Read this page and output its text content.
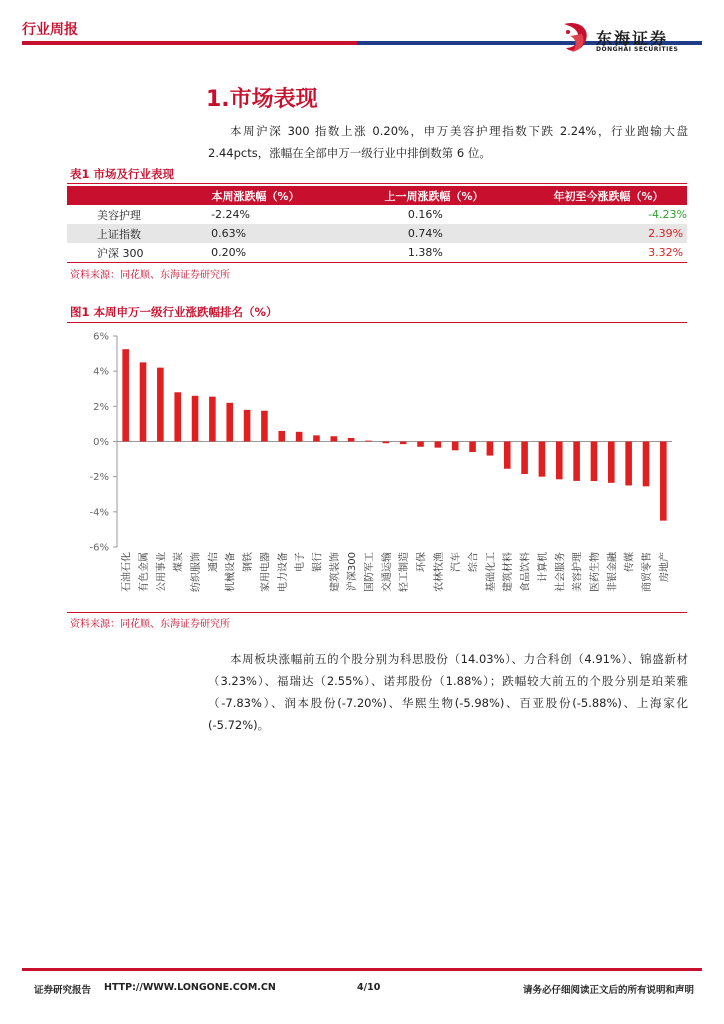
行业周报	东海证券
DONGHAI SECURITIES
1.市场表现

本周沪深 300 指数上涨 0.20%，申万美容护理指数下跌 2.24%，行业跑输大盘 2.44pcts，涨幅在全部申万一级行业中排倒数第 6 位。

表1 市场及行业表现
	本周涨跌幅（%）	上一周涨跌幅（%）	年初至今涨跌幅（%）
美容护理	-2.24%	0.16%	-4.23%
上证指数	0.63%	0.74%	2.39%
沪深 300	0.20%	1.38%	3.32%
资料来源：同花顺、东海证券研究所
图1 本周申万一级行业涨跌幅排名（%）
6%
4%
2%
0%
-2%
-4%
-6%
石油石化 有色金属 公用事业 煤炭 纺织服饰 通信 机械设备 钢铁 家用电器 电力设备 电子 银行 建筑装饰 沪深300 国防军工 交通运输 轻工制造 环保 农林牧渔 汽车 综合 基础化工 建筑材料 食品饮料 计算机 社会服务 美容护理 医药生物 非银金融 传媒 商贸零售 房地产
资料来源：同花顺、东海证券研究所

本周板块涨幅前五的个股分别为科思股份（14.03%）、力合科创（4.91%）、锦盛新材（3.23%）、福瑞达（2.55%）、诺邦股份（1.88%）；跌幅较大前五的个股分别是珀莱雅（-7.83%）、润本股份(-7.20%)、华熙生物(-5.98%)、百亚股份(-5.88%)、上海家化(-5.72%)。

证券研究报告 HTTP://WWW.LONGONE.COM.CN	4/10	请务必仔细阅读正文后的所有说明和声明
